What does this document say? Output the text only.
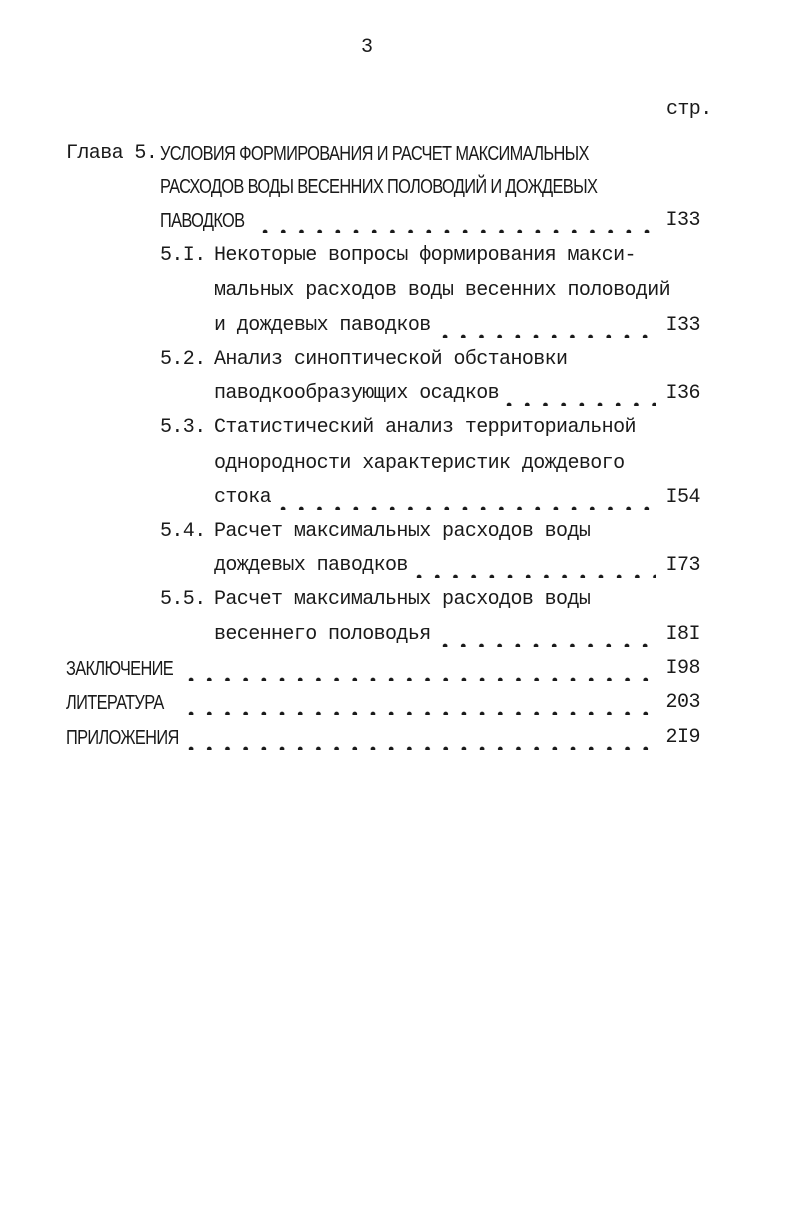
3
стр.
Глава 5. УСЛОВИЯ ФОРМИРОВАНИЯ И РАСЧЕТ МАКСИМАЛЬНЫХ
РАСХОДОВ ВОДЫ ВЕСЕННИХ ПОЛОВОДИЙ И ДОЖДЕВЫХ
ПАВОДКОВ	I33
5.I. Некоторые вопросы формирования макси-
мальных расходов воды весенних половодий
и дождевых паводков	I33
5.2. Анализ синоптической обстановки
паводкообразующих осадков	I36
5.3. Статистический анализ территориальной
однородности характеристик дождевого
стока	I54
5.4. Расчет максимальных расходов воды
дождевых паводков	I73
5.5. Расчет максимальных расходов воды
весеннего половодья	I8I
ЗАКЛЮЧЕНИЕ	I98
ЛИТЕРАТУРА	203
ПРИЛОЖЕНИЯ	2I9
